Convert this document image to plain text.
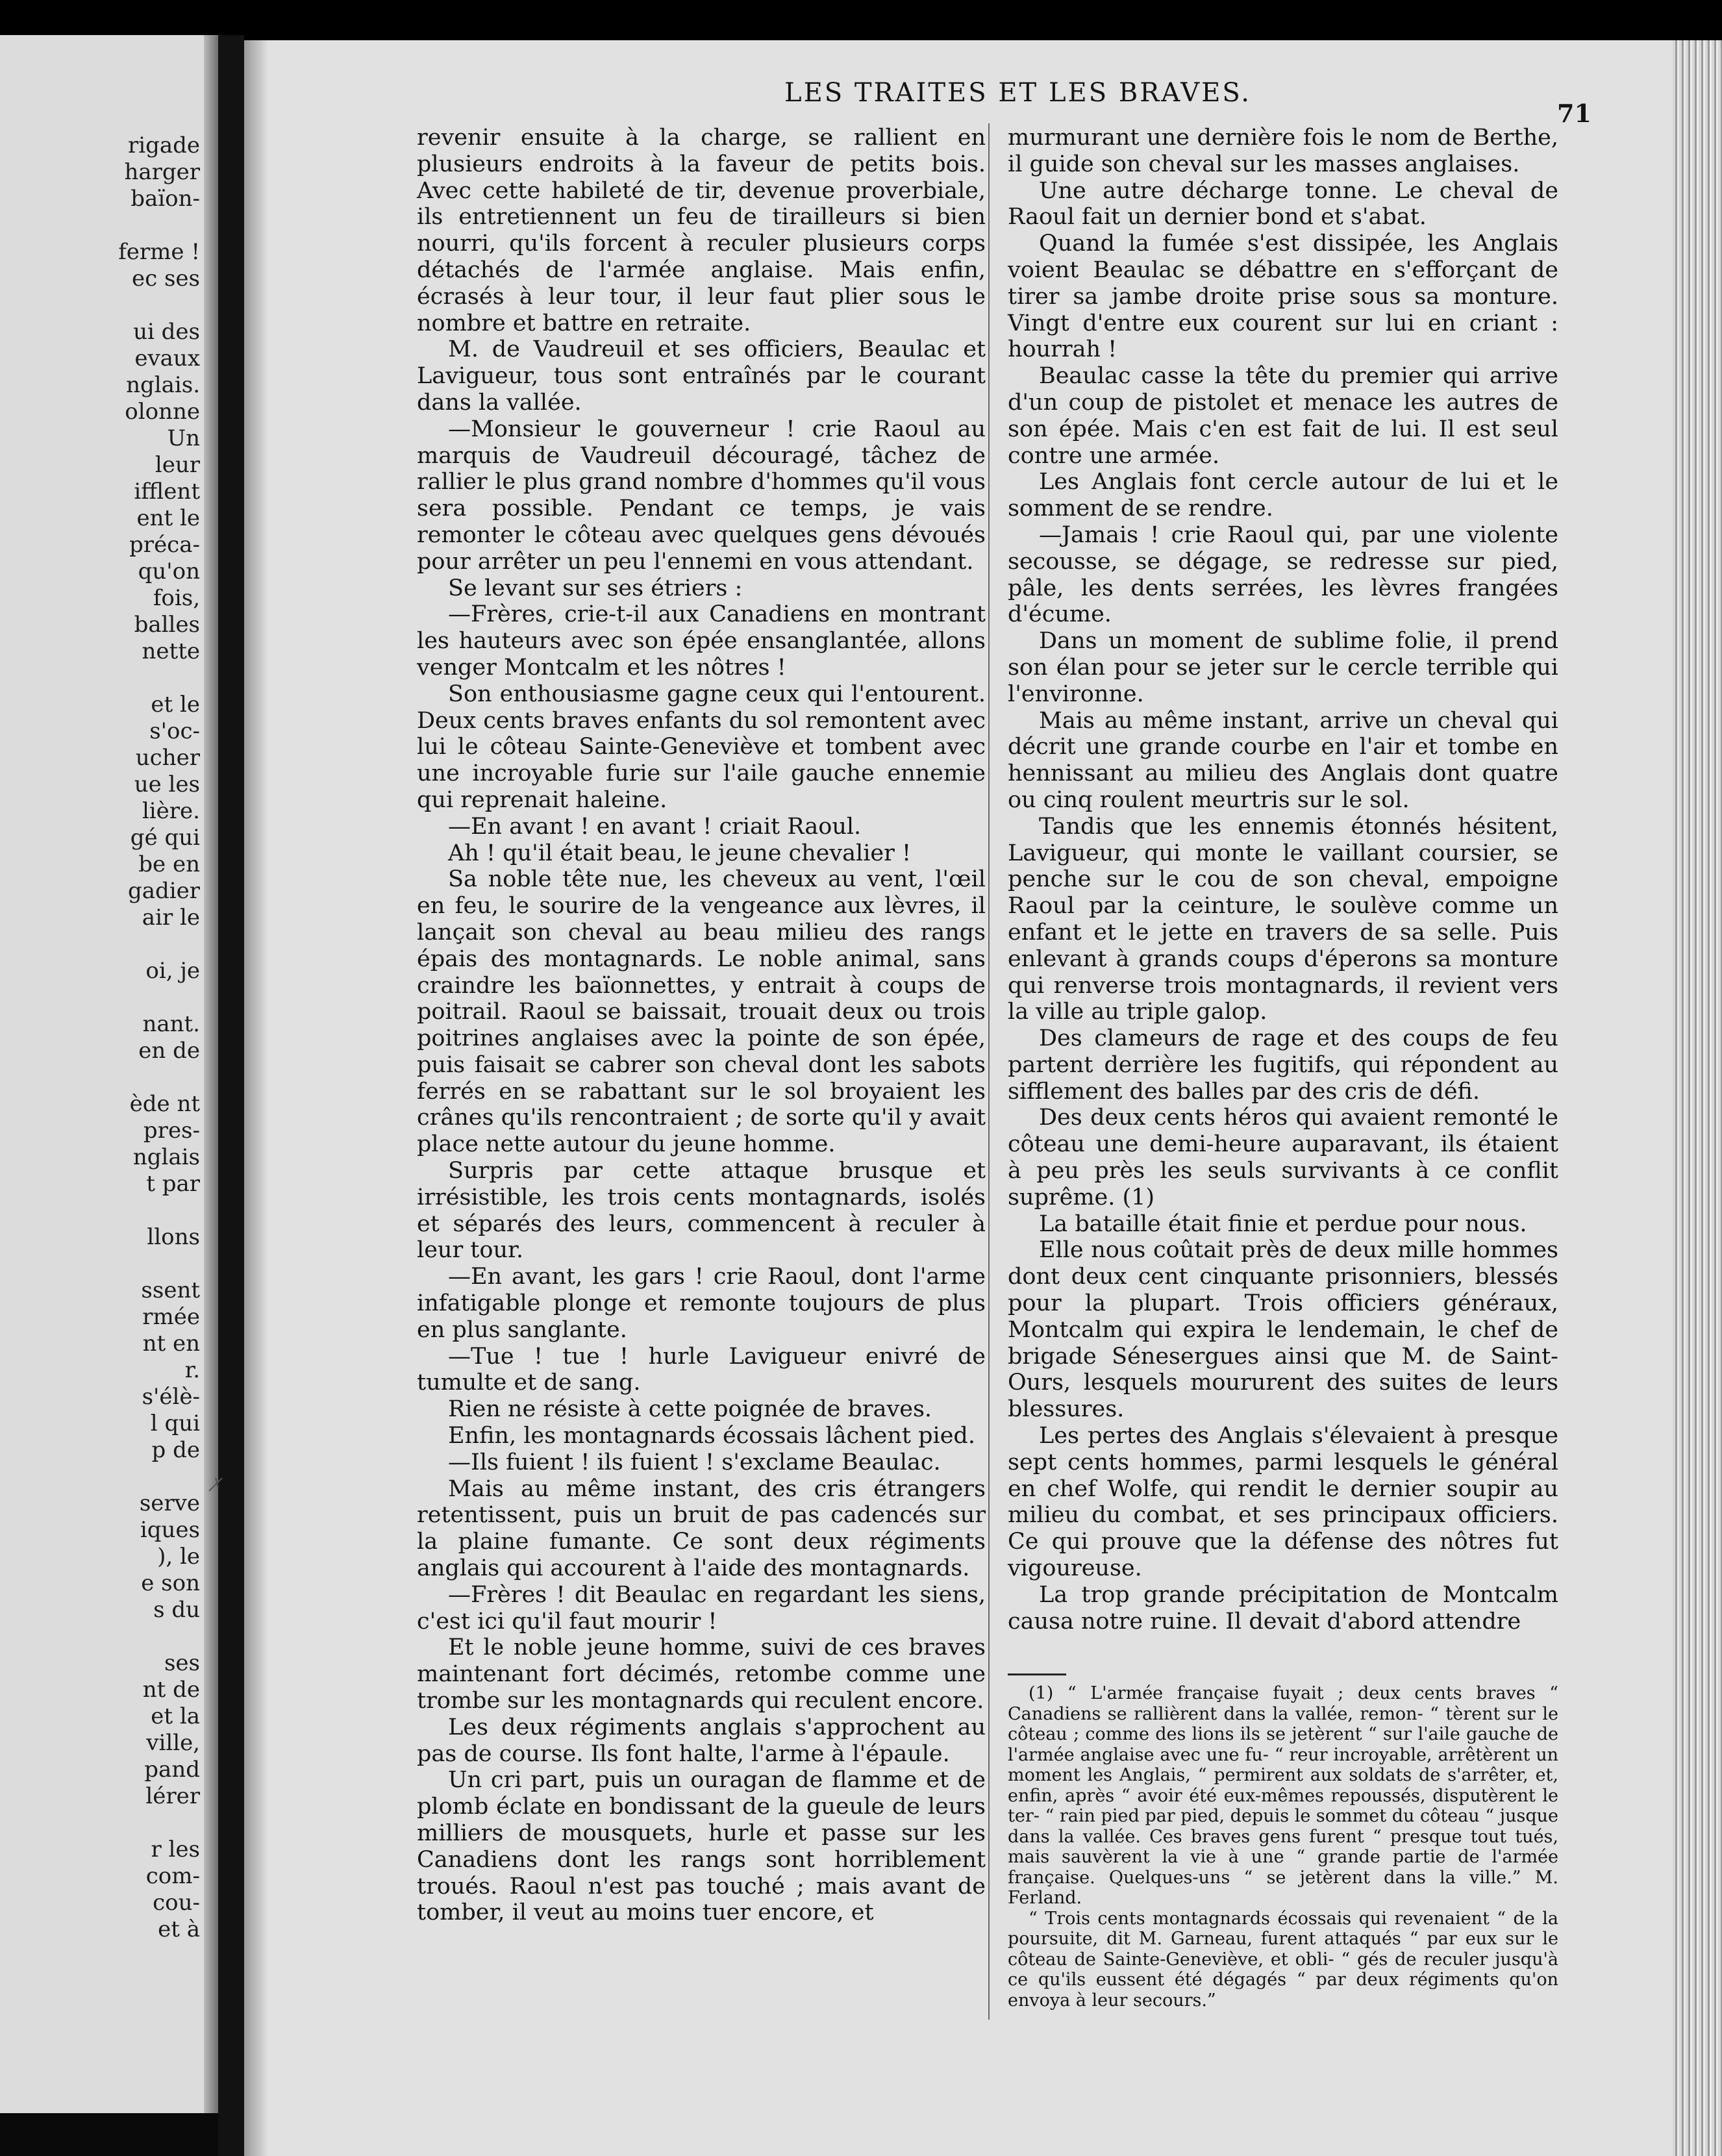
rigade
harger
baïon-
ferme !
ec ses
ui des
evaux
nglais.
olonne
Un
leur
ifflent
ent le
préca-
qu'on
fois,
balles
nette
et le
s'oc-
ucher
ue les
lière.
gé qui
be en
gadier
air le
oi, je
nant.
en de
ède nt
pres-
nglais
t par
llons
ssent
rmée
nt en
r.
s'élè-
l qui
p de
serve
iques
), le
e son
s du
ses
nt de
et la
ville,
pand
lérer
r les
com-
cou-
et à
LES TRAITES ET LES BRAVES.
71

revenir ensuite à la charge, se rallient en plusieurs endroits à la faveur de petits bois. Avec cette habileté de tir, devenue proverbiale, ils entretiennent un feu de tirailleurs si bien nourri, qu'ils forcent à reculer plusieurs corps détachés de l'armée anglaise. Mais enfin, écrasés à leur tour, il leur faut plier sous le nombre et battre en retraite.

M. de Vaudreuil et ses officiers, Beaulac et Lavigueur, tous sont entraînés par le courant dans la vallée.

—Monsieur le gouverneur ! crie Raoul au marquis de Vaudreuil découragé, tâchez de rallier le plus grand nombre d'hommes qu'il vous sera possible. Pendant ce temps, je vais remonter le côteau avec quelques gens dévoués pour arrêter un peu l'ennemi en vous attendant.

Se levant sur ses étriers :

—Frères, crie-t-il aux Canadiens en montrant les hauteurs avec son épée ensanglantée, allons venger Montcalm et les nôtres !

Son enthousiasme gagne ceux qui l'entourent. Deux cents braves enfants du sol remontent avec lui le côteau Sainte-Geneviève et tombent avec une incroyable furie sur l'aile gauche ennemie qui reprenait haleine.

—En avant ! en avant ! criait Raoul.

Ah ! qu'il était beau, le jeune chevalier !

Sa noble tête nue, les cheveux au vent, l'œil en feu, le sourire de la vengeance aux lèvres, il lançait son cheval au beau milieu des rangs épais des montagnards. Le noble animal, sans craindre les baïonnettes, y entrait à coups de poitrail. Raoul se baissait, trouait deux ou trois poitrines anglaises avec la pointe de son épée, puis faisait se cabrer son cheval dont les sabots ferrés en se rabattant sur le sol broyaient les crânes qu'ils rencontraient ; de sorte qu'il y avait place nette autour du jeune homme.

Surpris par cette attaque brusque et irrésistible, les trois cents montagnards, isolés et séparés des leurs, commencent à reculer à leur tour.

—En avant, les gars ! crie Raoul, dont l'arme infatigable plonge et remonte toujours de plus en plus sanglante.

—Tue ! tue ! hurle Lavigueur enivré de tumulte et de sang.

Rien ne résiste à cette poignée de braves.

Enfin, les montagnards écossais lâchent pied.

—Ils fuient ! ils fuient ! s'exclame Beaulac.

Mais au même instant, des cris étrangers retentissent, puis un bruit de pas cadencés sur la plaine fumante. Ce sont deux régiments anglais qui accourent à l'aide des montagnards.

—Frères ! dit Beaulac en regardant les siens, c'est ici qu'il faut mourir !

Et le noble jeune homme, suivi de ces braves maintenant fort décimés, retombe comme une trombe sur les montagnards qui reculent encore.

Les deux régiments anglais s'approchent au pas de course. Ils font halte, l'arme à l'épaule.

Un cri part, puis un ouragan de flamme et de plomb éclate en bondissant de la gueule de leurs milliers de mousquets, hurle et passe sur les Canadiens dont les rangs sont horriblement troués. Raoul n'est pas touché ; mais avant de tomber, il veut au moins tuer encore, et

murmurant une dernière fois le nom de Berthe, il guide son cheval sur les masses anglaises.

Une autre décharge tonne. Le cheval de Raoul fait un dernier bond et s'abat.

Quand la fumée s'est dissipée, les Anglais voient Beaulac se débattre en s'efforçant de tirer sa jambe droite prise sous sa monture. Vingt d'entre eux courent sur lui en criant : hourrah !

Beaulac casse la tête du premier qui arrive d'un coup de pistolet et menace les autres de son épée. Mais c'en est fait de lui. Il est seul contre une armée.

Les Anglais font cercle autour de lui et le somment de se rendre.

—Jamais ! crie Raoul qui, par une violente secousse, se dégage, se redresse sur pied, pâle, les dents serrées, les lèvres frangées d'écume.

Dans un moment de sublime folie, il prend son élan pour se jeter sur le cercle terrible qui l'environne.

Mais au même instant, arrive un cheval qui décrit une grande courbe en l'air et tombe en hennissant au milieu des Anglais dont quatre ou cinq roulent meurtris sur le sol.

Tandis que les ennemis étonnés hésitent, Lavigueur, qui monte le vaillant coursier, se penche sur le cou de son cheval, empoigne Raoul par la ceinture, le soulève comme un enfant et le jette en travers de sa selle. Puis enlevant à grands coups d'éperons sa monture qui renverse trois montagnards, il revient vers la ville au triple galop.

Des clameurs de rage et des coups de feu partent derrière les fugitifs, qui répondent au sifflement des balles par des cris de défi.

Des deux cents héros qui avaient remonté le côteau une demi-heure auparavant, ils étaient à peu près les seuls survivants à ce conflit suprême. (1)

La bataille était finie et perdue pour nous.

Elle nous coûtait près de deux mille hommes dont deux cent cinquante prisonniers, blessés pour la plupart. Trois officiers généraux, Montcalm qui expira le lendemain, le chef de brigade Sénesergues ainsi que M. de Saint-Ours, lesquels moururent des suites de leurs blessures.

Les pertes des Anglais s'élevaient à presque sept cents hommes, parmi lesquels le général en chef Wolfe, qui rendit le dernier soupir au milieu du combat, et ses principaux officiers. Ce qui prouve que la défense des nôtres fut vigoureuse.

La trop grande précipitation de Montcalm causa notre ruine. Il devait d'abord attendre

(1) “ L'armée française fuyait ; deux cents braves “ Canadiens se rallièrent dans la vallée, remon- “ tèrent sur le côteau ; comme des lions ils se jetèrent “ sur l'aile gauche de l'armée anglaise avec une fu- “ reur incroyable, arrêtèrent un moment les Anglais, “ permirent aux soldats de s'arrêter, et, enfin, après “ avoir été eux-mêmes repoussés, disputèrent le ter- “ rain pied par pied, depuis le sommet du côteau “ jusque dans la vallée. Ces braves gens furent “ presque tout tués, mais sauvèrent la vie à une “ grande partie de l'armée française. Quelques-uns “ se jetèrent dans la ville.” M. Ferland.

“ Trois cents montagnards écossais qui revenaient “ de la poursuite, dit M. Garneau, furent attaqués “ par eux sur le côteau de Sainte-Geneviève, et obli- “ gés de reculer jusqu'à ce qu'ils eussent été dégagés “ par deux régiments qu'on envoya à leur secours.”
